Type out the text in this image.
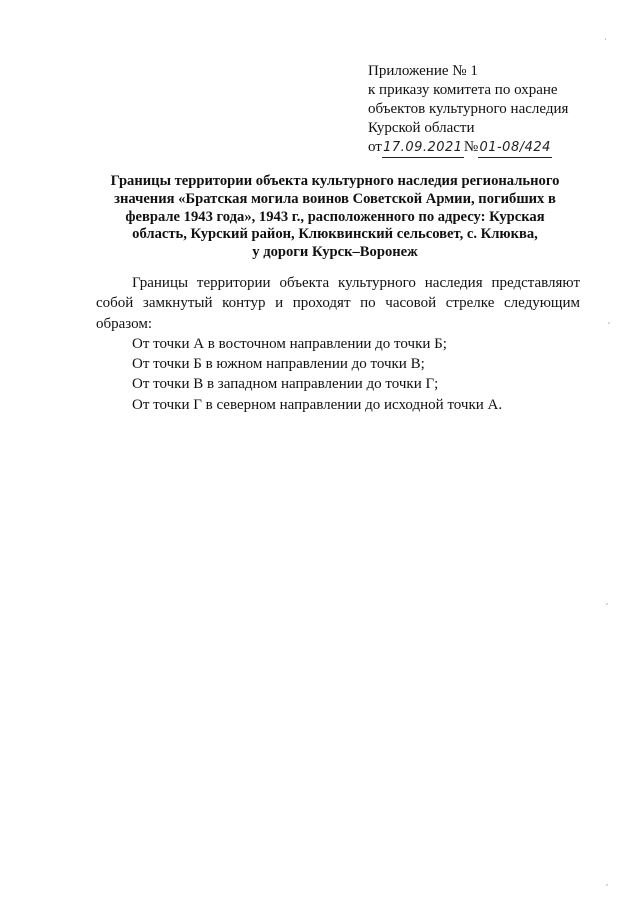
Приложение № 1
к приказу комитета по охране
объектов культурного наследия
Курской области
от17.09.2021№01-08/424
Границы территории объекта культурного наследия регионального
значения «Братская могила воинов Советской Армии, погибших в
феврале 1943 года», 1943 г., расположенного по адресу: Курская
область, Курский район, Клюквинский сельсовет, с. Клюква,
у дороги Курск–Воронеж

Границы территории объекта культурного наследия представляют собой замкнутый контур и проходят по часовой стрелке следующим образом:

От точки А в восточном направлении до точки Б;

От точки Б в южном направлении до точки В;

От точки В в западном направлении до точки Г;

От точки Г в северном направлении до исходной точки А.

˙
ˊ
ˊ
ˊ
